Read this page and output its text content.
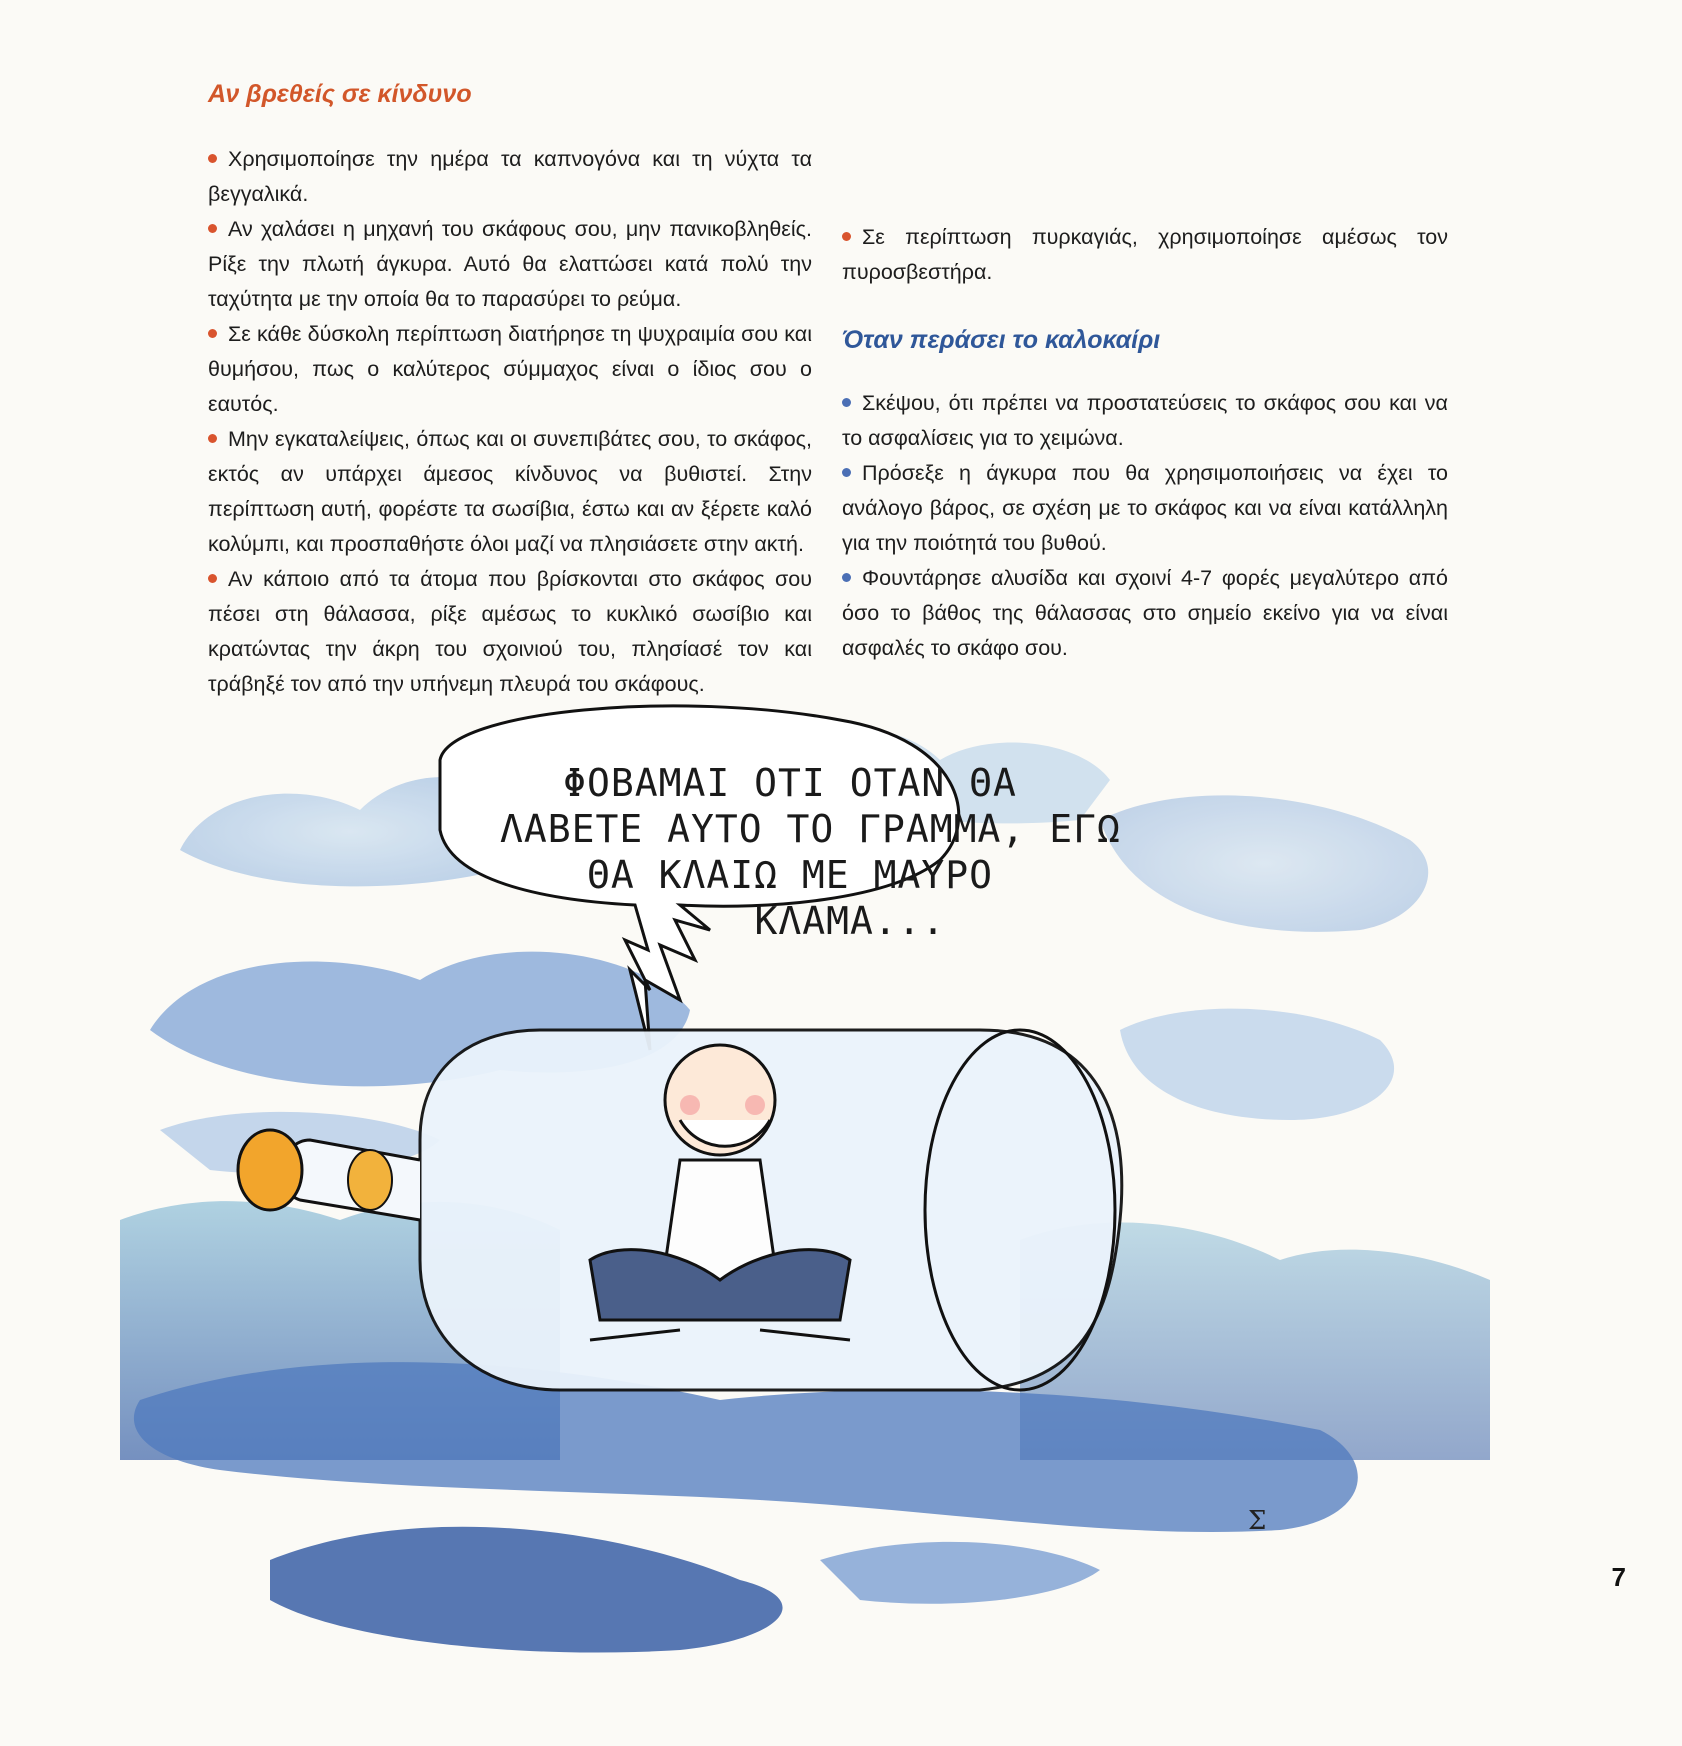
Αν βρεθείς σε κίνδυνο

Χρησιμοποίησε την ημέρα τα καπνογόνα και τη νύχτα τα βεγγαλικά.

Αν χαλάσει η μηχανή του σκάφους σου, μην πανικοβληθείς. Ρίξε την πλωτή άγκυρα. Αυτό θα ελαττώσει κατά πολύ την ταχύτητα με την οποία θα το παρασύρει το ρεύμα.

Σε κάθε δύσκολη περίπτωση διατήρησε τη ψυχραιμία σου και θυμήσου, πως ο καλύτερος σύμμαχος είναι ο ίδιος σου ο εαυτός.

Μην εγκαταλείψεις, όπως και οι συνεπιβάτες σου, το σκάφος, εκτός αν υπάρχει άμεσος κίνδυνος να βυθιστεί. Στην περίπτωση αυτή, φορέστε τα σωσίβια, έστω και αν ξέρετε καλό κολύμπι, και προσπαθήστε όλοι μαζί να πλησιάσετε στην ακτή.

Αν κάποιο από τα άτομα που βρίσκονται στο σκάφος σου πέσει στη θάλασσα, ρίξε αμέσως το κυκλικό σωσίβιο και κρατώντας την άκρη του σχοινιού του, πλησίασέ τον και τράβηξέ τον από την υπήνεμη πλευρά του σκάφους.

Σε περίπτωση πυρκαγιάς, χρησιμοποίησε αμέσως τον πυροσβεστήρα.

Όταν περάσει το καλοκαίρι

Σκέψου, ότι πρέπει να προστατεύσεις το σκάφος σου και να το ασφαλίσεις για το χειμώνα.

Πρόσεξε η άγκυρα που θα χρησιμοποιήσεις να έχει το ανάλογο βάρος, σε σχέση με το σκάφος και να είναι κατάλληλη για την ποιότητά του βυθού.

Φουντάρησε αλυσίδα και σχοινί 4-7 φορές μεγαλύτερο από όσο το βάθος της θάλασσας στο σημείο εκείνο για να είναι ασφαλές το σκάφο σου.

ΦΟΒΑΜΑΙ ΟΤΙ ΟΤΑΝ ΘΑ
ΛΑΒΕΤΕ ΑΥΤΟ ΤΟ ΓΡΑΜΜΑ, ΕΓΩ
ΘΑ ΚΛΑΙΩ ΜΕ ΜΑΥΡΟ
ΚΛΑΜΑ...
Σ
7
